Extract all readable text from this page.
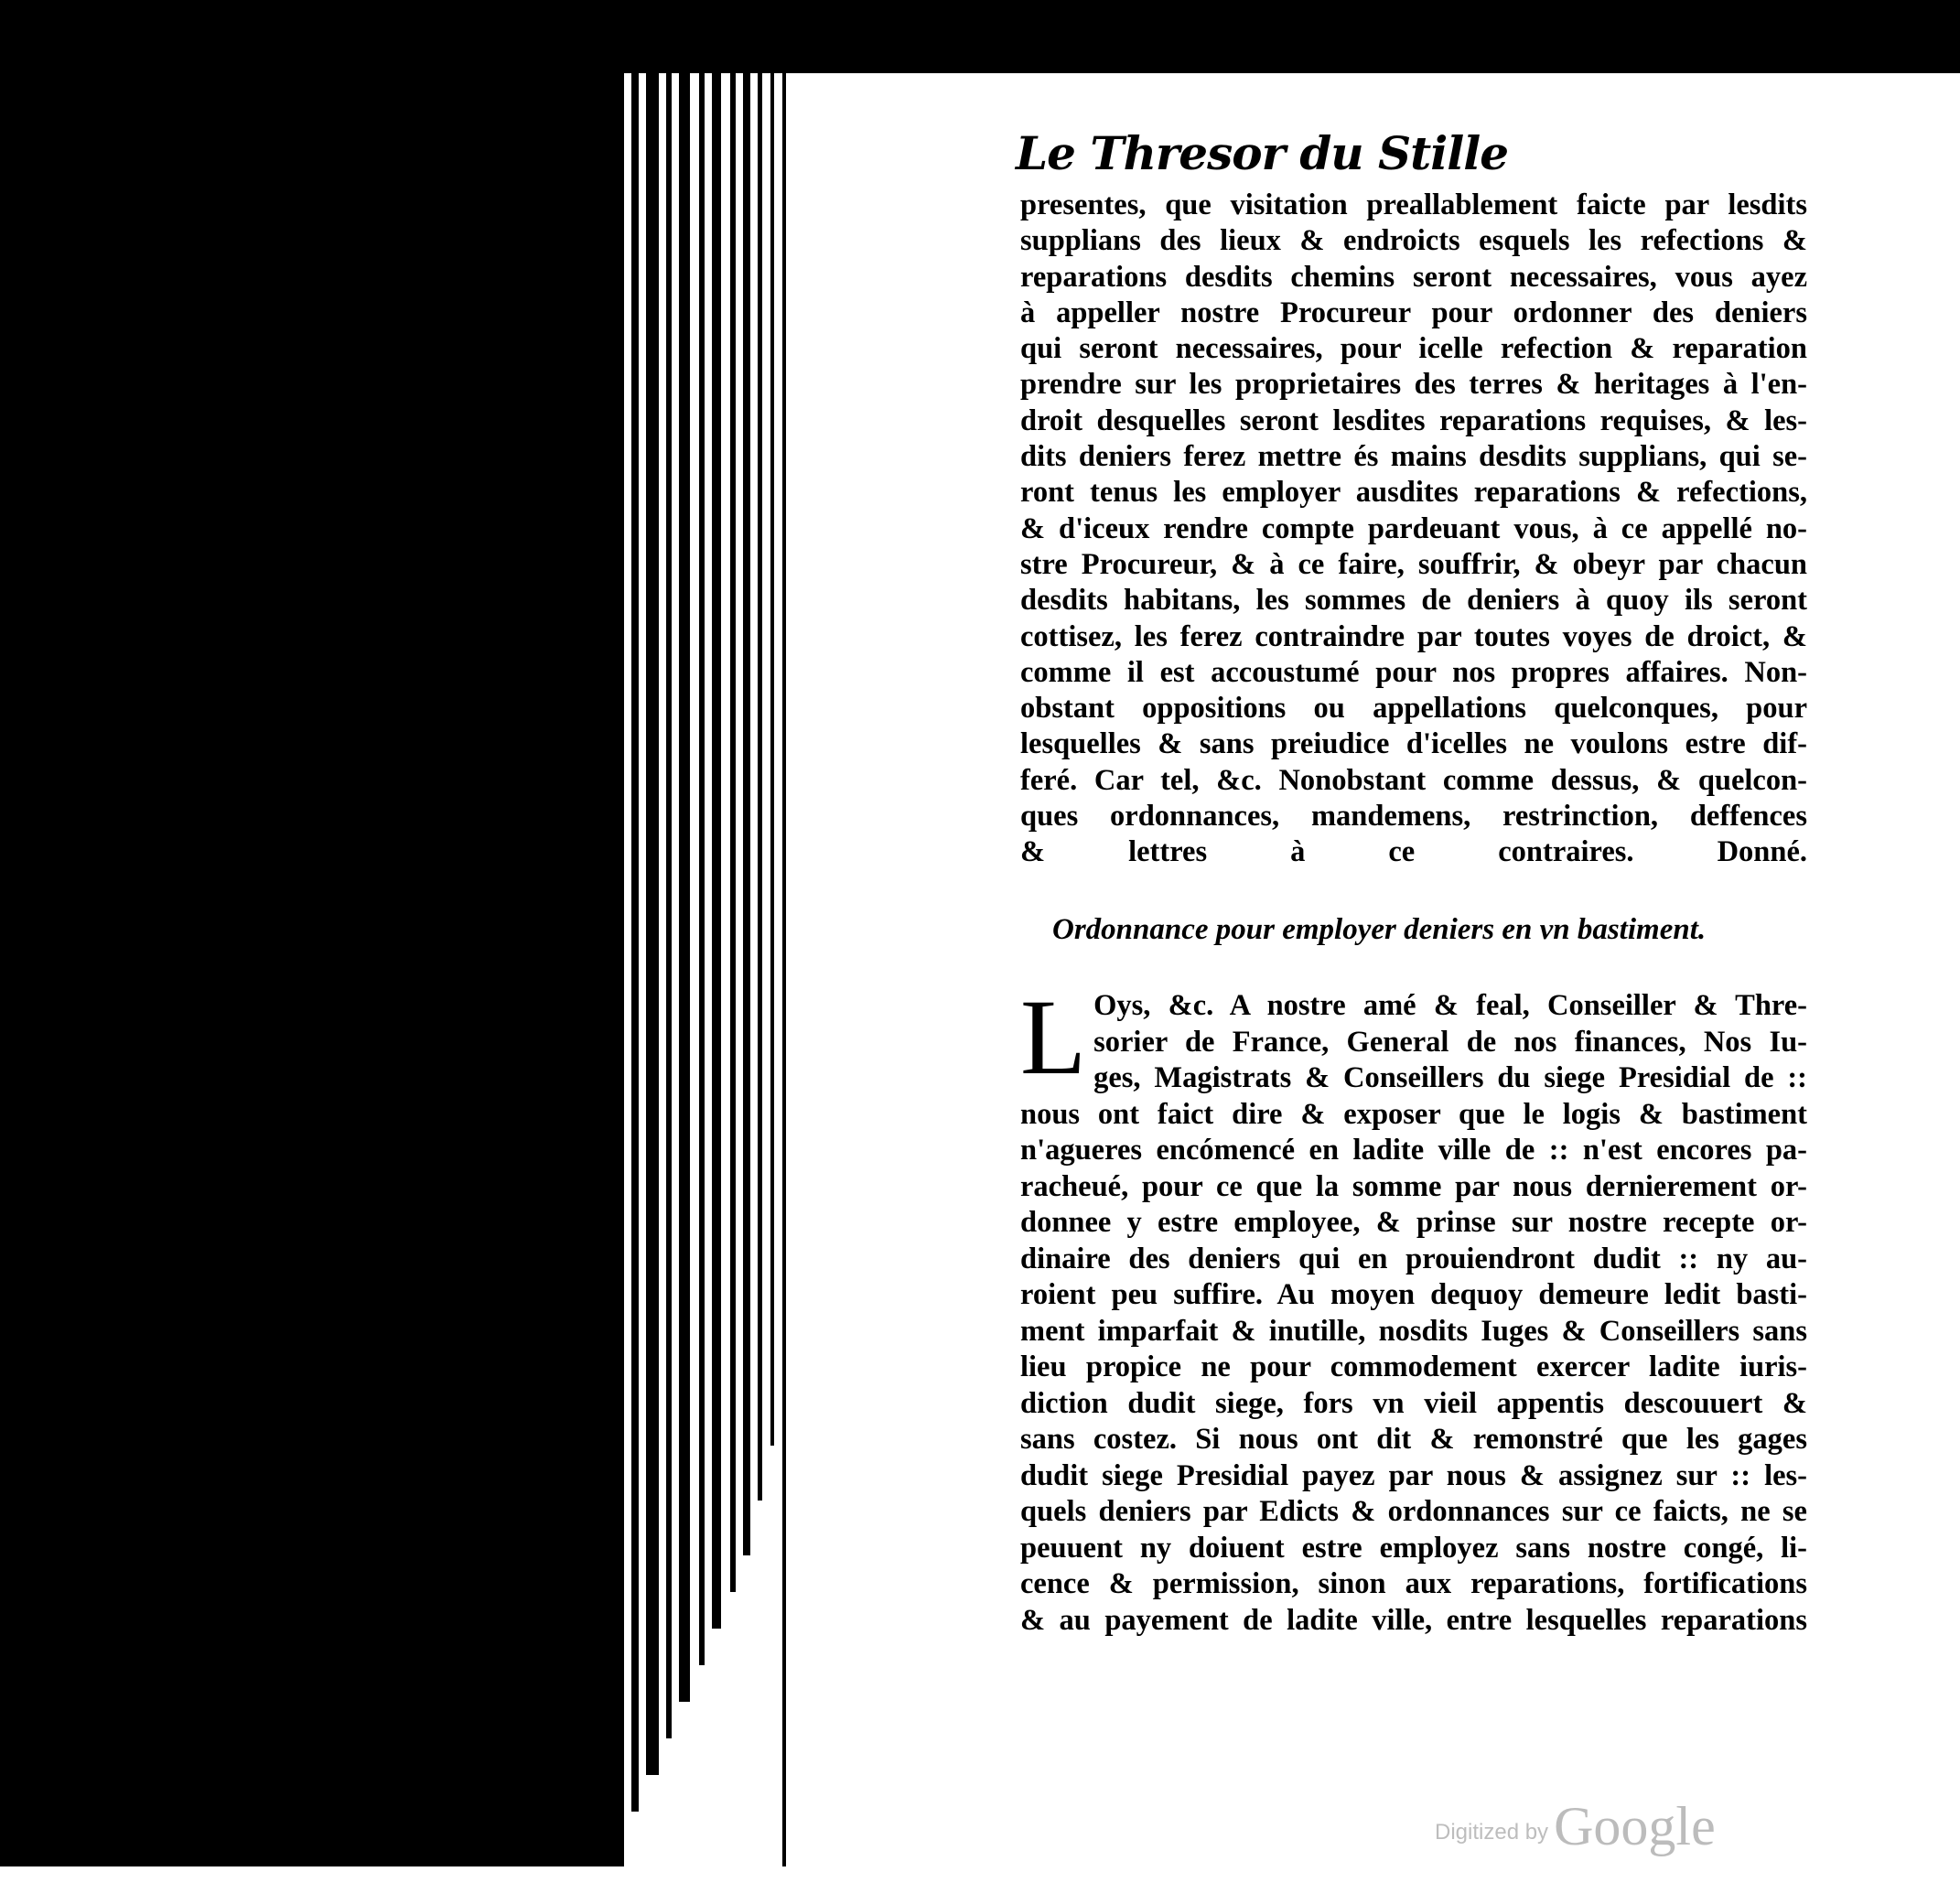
Le Thresor du Stille
presentes, que visitation preallablement faicte par lesdits
supplians des lieux & endroicts esquels les refections &
reparations desdits chemins seront necessaires, vous ayez
à appeller nostre Procureur pour ordonner des deniers
qui seront necessaires, pour icelle refection & reparation
prendre sur les proprietaires des terres & heritages à l'en-
droit desquelles seront lesdites reparations requises, & les-
dits deniers ferez mettre és mains desdits supplians, qui se-
ront tenus les employer ausdites reparations & refections,
& d'iceux rendre compte pardeuant vous, à ce appellé no-
stre Procureur, & à ce faire, souffrir, & obeyr par chacun
desdits habitans, les sommes de deniers à quoy ils seront
cottisez, les ferez contraindre par toutes voyes de droict, &
comme il est accoustumé pour nos propres affaires. Non-
obstant oppositions ou appellations quelconques, pour
lesquelles & sans preiudice d'icelles ne voulons estre dif-
feré. Car tel, &c. Nonobstant comme dessus, & quelcon-
ques ordonnances, mandemens, restrinction, deffences
& lettres à ce contraires. Donné.
Ordonnance pour employer deniers en vn bastiment.
L Oys, &c. A nostre amé & feal, Conseiller & Thre-
sorier de France, General de nos finances, Nos Iu-
ges, Magistrats & Conseillers du siege Presidial de ::
nous ont faict dire & exposer que le logis & bastiment
n'agueres encómencé en ladite ville de :: n'est encores pa-
racheué, pour ce que la somme par nous dernierement or-
donnee y estre employee, & prinse sur nostre recepte or-
dinaire des deniers qui en prouiendront dudit :: ny au-
roient peu suffire. Au moyen dequoy demeure ledit basti-
ment imparfait & inutille, nosdits Iuges & Conseillers sans
lieu propice ne pour commodement exercer ladite iuris-
diction dudit siege, fors vn vieil appentis descouuert &
sans costez. Si nous ont dit & remonstré que les gages
dudit siege Presidial payez par nous & assignez sur :: les-
quels deniers par Edicts & ordonnances sur ce faicts, ne se
peuuent ny doiuent estre employez sans nostre congé, li-
cence & permission, sinon aux reparations, fortifications
& au payement de ladite ville, entre lesquelles reparations
Digitized by Google
